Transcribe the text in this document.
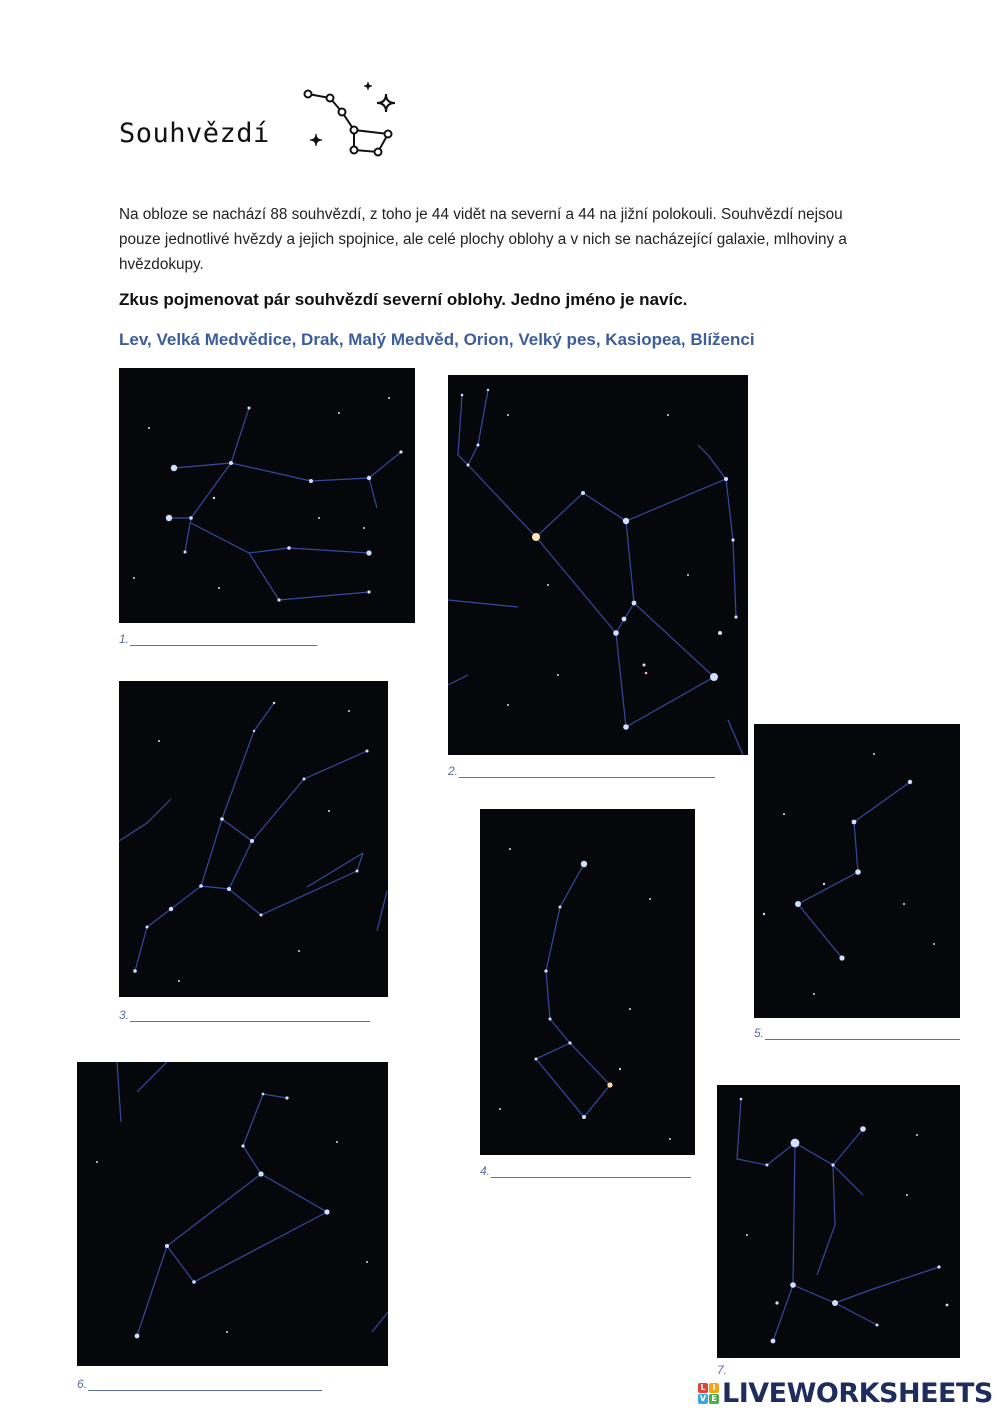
Souhvězdí
Na obloze se nachází 88 souhvězdí, z toho je 44 vidět na severní a 44 na jižní polokouli. Souhvězdí nejsou pouze jednotlivé hvězdy a jejich spojnice, ale celé plochy oblohy a v nich se nacházející galaxie, mlhoviny a hvězdokupy.
Zkus pojmenovat pár souhvězdí severní oblohy. Jedno jméno je navíc.
Lev, Velká Medvědice, Drak, Malý Medvěd, Orion, Velký pes, Kasiopea, Blíženci
1.
2.
3.
4.
5.
6.
7.
L I
V E LIVEWORKSHEETS
